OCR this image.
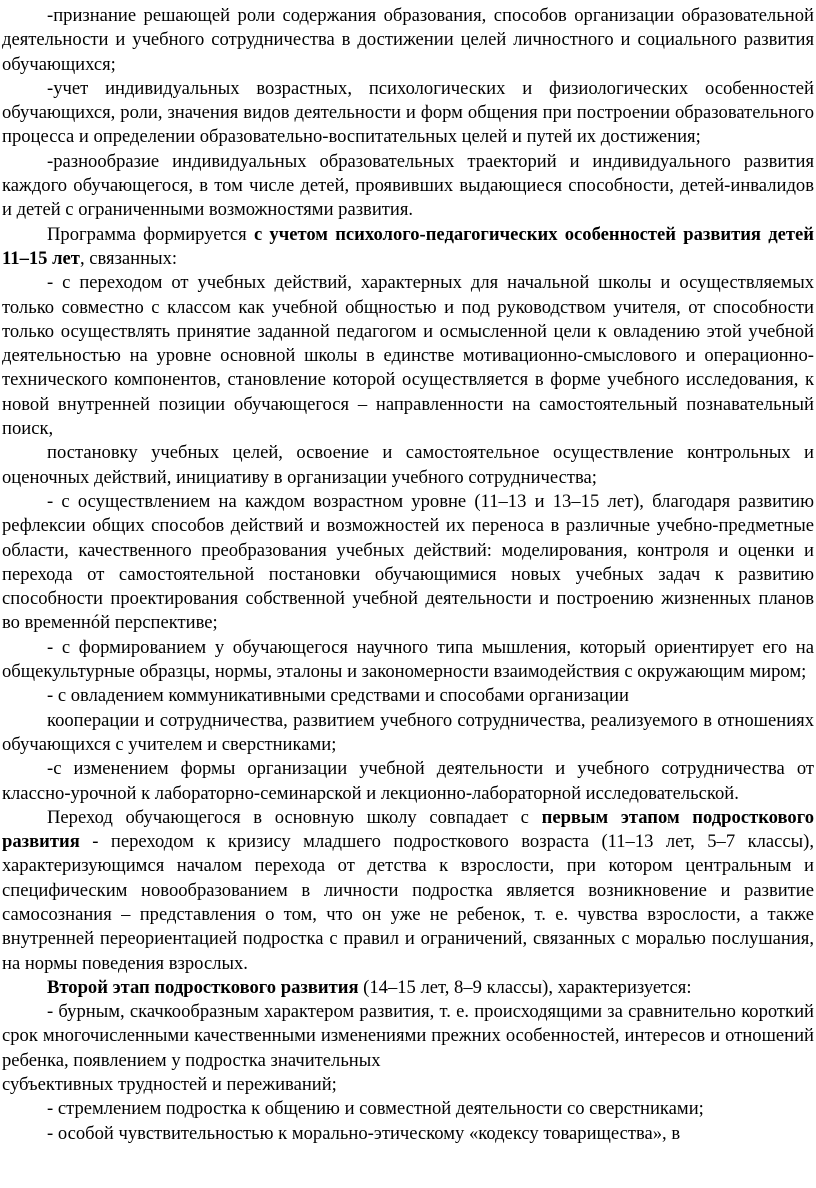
-признание решающей роли содержания образования, способов организации образовательной деятельности и учебного сотрудничества в достижении целей личностного и социального развития обучающихся;

-учет индивидуальных возрастных, психологических и физиологических особенностей обучающихся, роли, значения видов деятельности и форм общения при построении образовательного процесса и определении образовательно-воспитательных целей и путей их достижения;

-разнообразие индивидуальных образовательных траекторий и индивидуального развития каждого обучающегося, в том числе детей, проявивших выдающиеся способности, детей-инвалидов и детей с ограниченными возможностями развития.

Программа формируется с учетом психолого-педагогических особенностей развития детей 11–15 лет, связанных:

- с переходом от учебных действий, характерных для начальной школы и осуществляемых только совместно с классом как учебной общностью и под руководством учителя, от способности только осуществлять принятие заданной педагогом и осмысленной цели к овладению этой учебной деятельностью на уровне основной школы в единстве мотивационно-смыслового и операционно-технического компонентов, становление которой осуществляется в форме учебного исследования, к новой внутренней позиции обучающегося – направленности на самостоятельный познавательный поиск,

постановку учебных целей, освоение и самостоятельное осуществление контрольных и оценочных действий, инициативу в организации учебного сотрудничества;

- с осуществлением на каждом возрастном уровне (11–13 и 13–15 лет), благодаря развитию рефлексии общих способов действий и возможностей их переноса в различные учебно-предметные области, качественного преобразования учебных действий: моделирования, контроля и оценки и перехода от самостоятельной постановки обучающимися новых учебных задач к развитию способности проектирования собственной учебной деятельности и построению жизненных планов во временнóй перспективе;

- с формированием у обучающегося научного типа мышления, который ориентирует его на общекультурные образцы, нормы, эталоны и закономерности взаимодействия с окружающим миром;

- с овладением коммуникативными средствами и способами организации

кооперации и сотрудничества, развитием учебного сотрудничества, реализуемого в отношениях обучающихся с учителем и сверстниками;

-с изменением формы организации учебной деятельности и учебного сотрудничества от классно-урочной к лабораторно-семинарской и лекционно-лабораторной исследовательской.

Переход обучающегося в основную школу совпадает с первым этапом подросткового развития - переходом к кризису младшего подросткового возраста (11–13 лет, 5–7 классы), характеризующимся началом перехода от детства к взрослости, при котором центральным и специфическим новообразованием в личности подростка является возникновение и развитие самосознания – представления о том, что он уже не ребенок, т. е. чувства взрослости, а также внутренней переориентацией подростка с правил и ограничений, связанных с моралью послушания, на нормы поведения взрослых.

Второй этап подросткового развития (14–15 лет, 8–9 классы), характеризуется:

- бурным, скачкообразным характером развития, т. е. происходящими за сравнительно короткий срок многочисленными качественными изменениями прежних особенностей, интересов и отношений ребенка, появлением у подростка значительных

субъективных трудностей и переживаний;

- стремлением подростка к общению и совместной деятельности со сверстниками;

- особой чувствительностью к морально-этическому «кодексу товарищества», в
